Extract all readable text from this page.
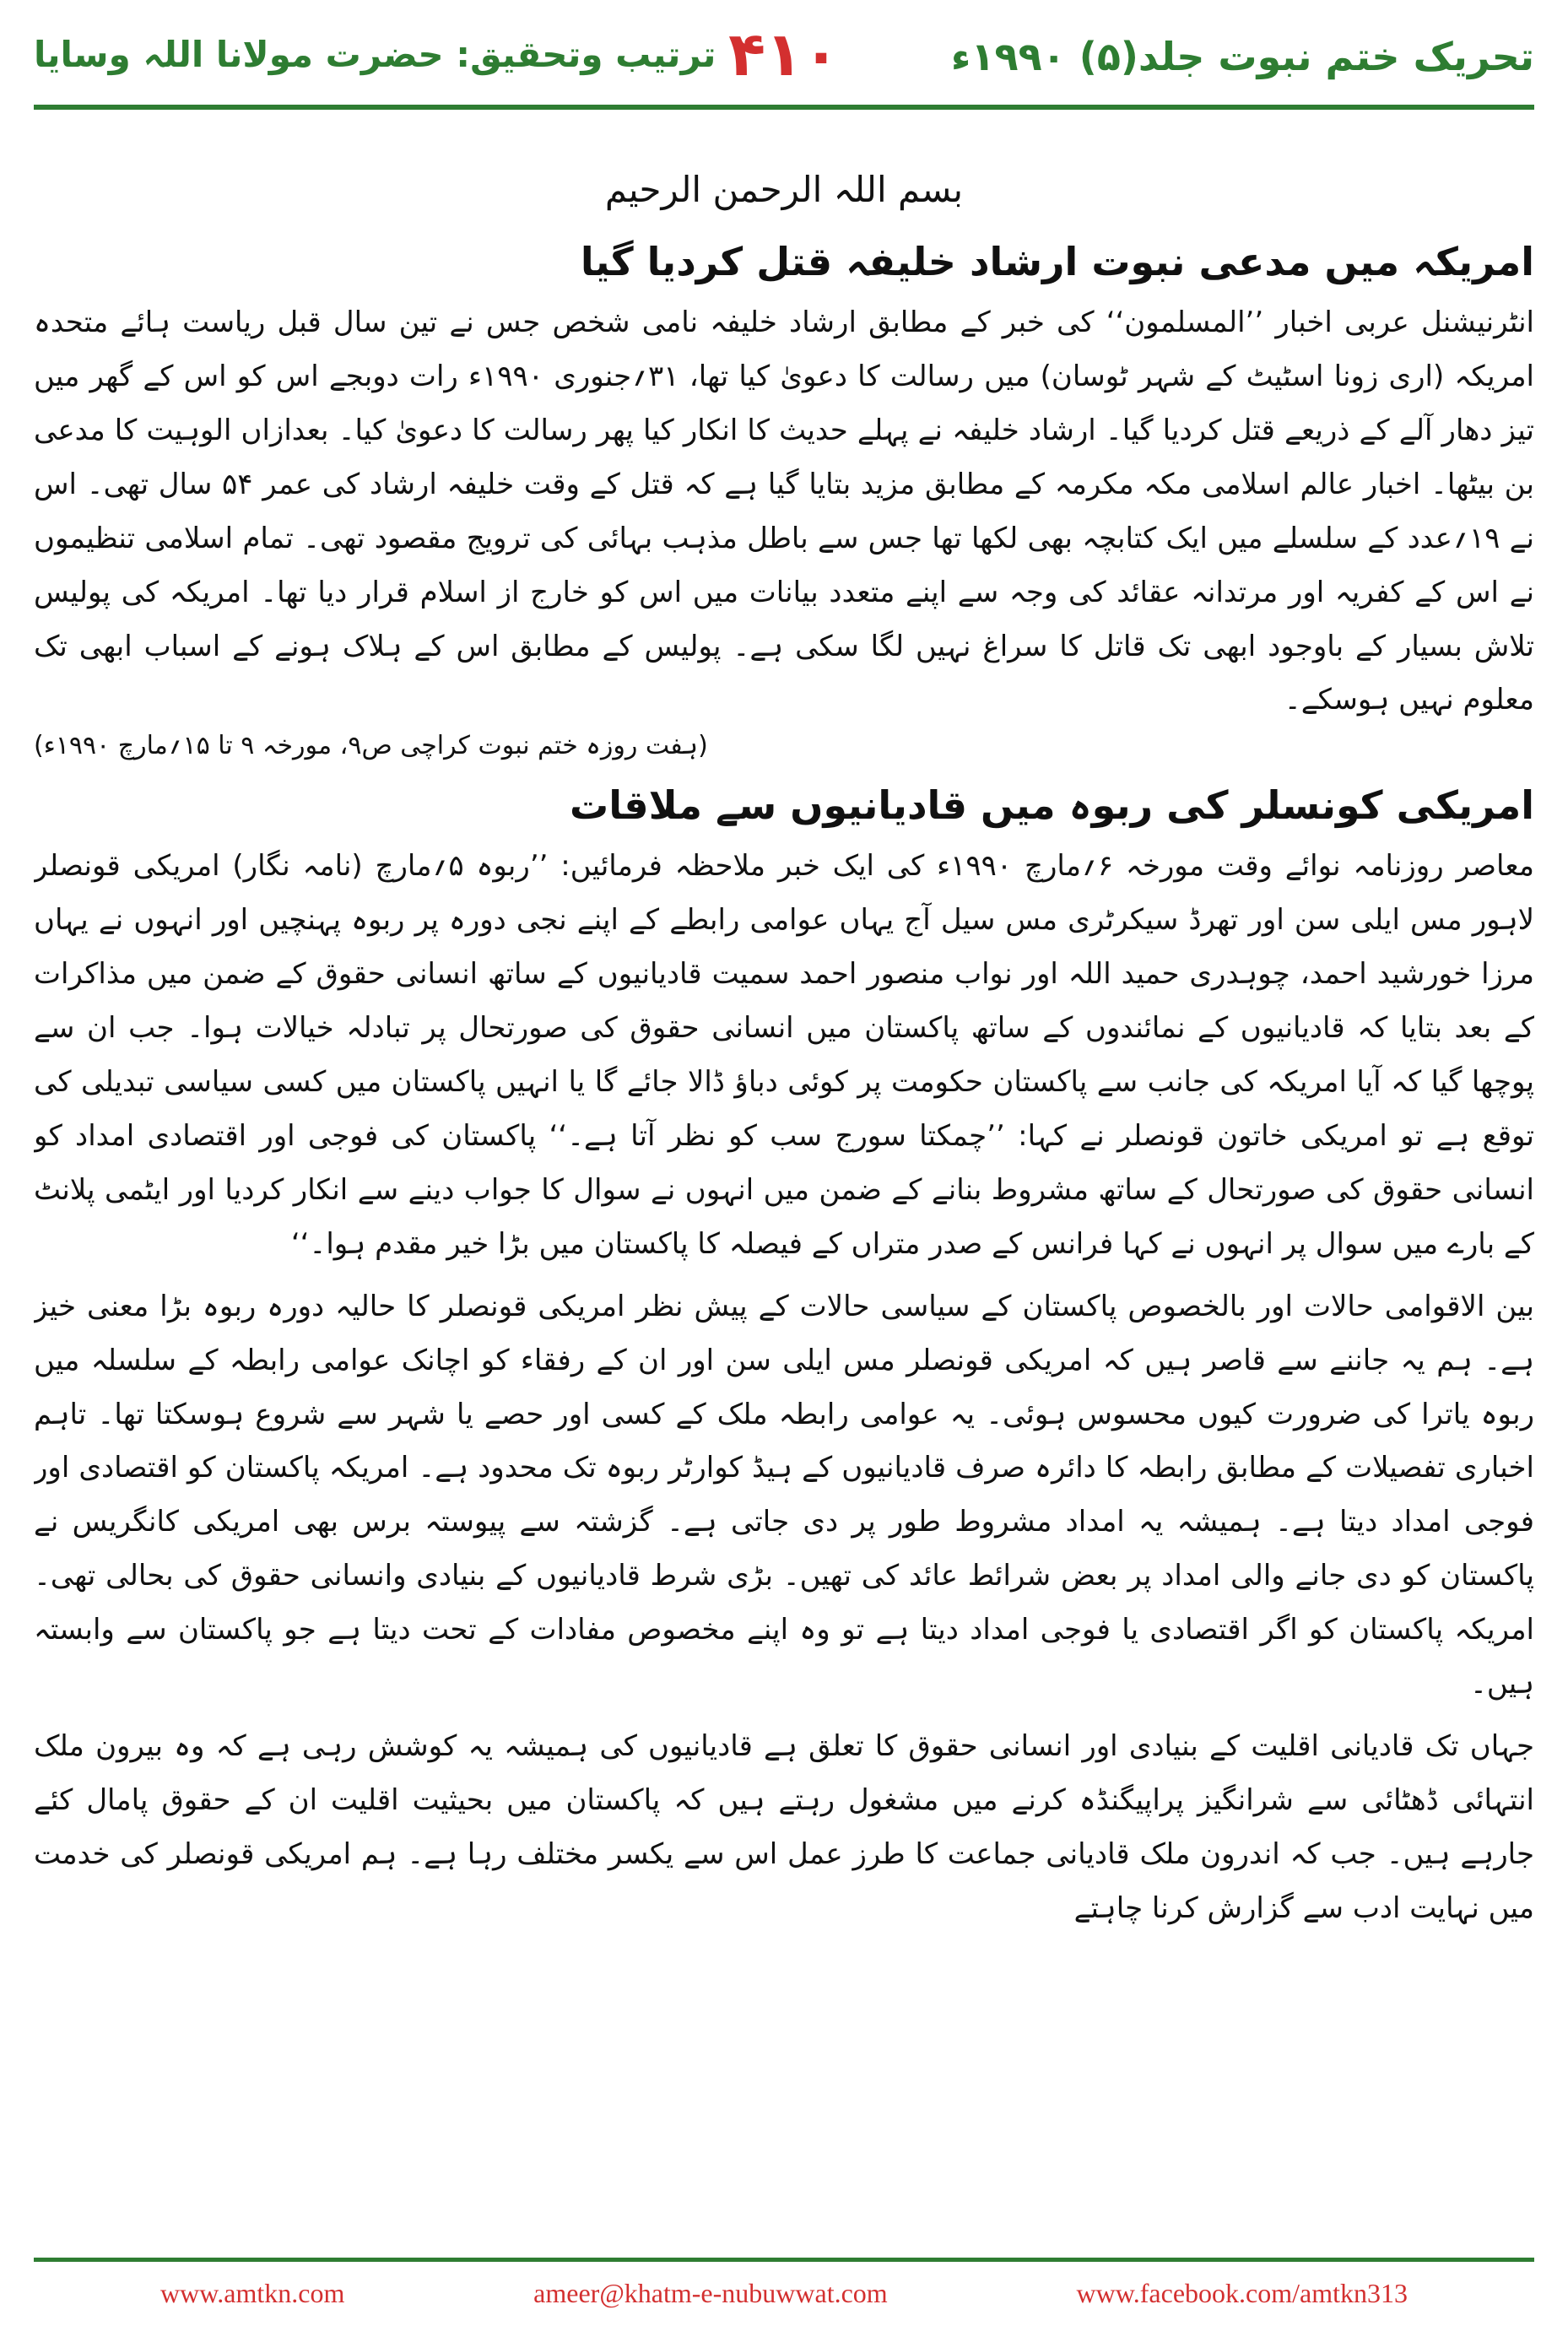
تحریک ختم نبوت جلد(۵) ۱۹۹۰ء
۴۱۰
ترتیب وتحقیق: حضرت مولانا اللہ وسایا
بسم اللہ الرحمن الرحیم
امریکہ میں مدعی نبوت ارشاد خلیفہ قتل کردیا گیا

انٹرنیشنل عربی اخبار ’’المسلمون‘‘ کی خبر کے مطابق ارشاد خلیفہ نامی شخص جس نے تین سال قبل ریاست ہائے متحدہ امریکہ (اری زونا اسٹیٹ کے شہر ٹوسان) میں رسالت کا دعویٰ کیا تھا، ۳۱؍جنوری ۱۹۹۰ء رات دوبجے اس کو اس کے گھر میں تیز دھار آلے کے ذریعے قتل کردیا گیا۔ ارشاد خلیفہ نے پہلے حدیث کا انکار کیا پھر رسالت کا دعویٰ کیا۔ بعدازاں الوہیت کا مدعی بن بیٹھا۔ اخبار عالم اسلامی مکہ مکرمہ کے مطابق مزید بتایا گیا ہے کہ قتل کے وقت خلیفہ ارشاد کی عمر ۵۴ سال تھی۔ اس نے ۱۹؍عدد کے سلسلے میں ایک کتابچہ بھی لکھا تھا جس سے باطل مذہب بہائی کی ترویج مقصود تھی۔ تمام اسلامی تنظیموں نے اس کے کفریہ اور مرتدانہ عقائد کی وجہ سے اپنے متعدد بیانات میں اس کو خارج از اسلام قرار دیا تھا۔ امریکہ کی پولیس تلاش بسیار کے باوجود ابھی تک قاتل کا سراغ نہیں لگا سکی ہے۔ پولیس کے مطابق اس کے ہلاک ہونے کے اسباب ابھی تک معلوم نہیں ہوسکے۔

(ہفت روزہ ختم نبوت کراچی ص۹، مورخہ ۹ تا ۱۵؍مارچ ۱۹۹۰ء)
امریکی کونسلر کی ربوہ میں قادیانیوں سے ملاقات

معاصر روزنامہ نوائے وقت مورخہ ۶؍مارچ ۱۹۹۰ء کی ایک خبر ملاحظہ فرمائیں: ’’ربوہ ۵؍مارچ (نامہ نگار) امریکی قونصلر لاہور مس ایلی سن اور تھرڈ سیکرٹری مس سیل آج یہاں عوامی رابطے کے اپنے نجی دورہ پر ربوہ پہنچیں اور انہوں نے یہاں مرزا خورشید احمد، چوہدری حمید اللہ اور نواب منصور احمد سمیت قادیانیوں کے ساتھ انسانی حقوق کے ضمن میں مذاکرات کے بعد بتایا کہ قادیانیوں کے نمائندوں کے ساتھ پاکستان میں انسانی حقوق کی صورتحال پر تبادلہ خیالات ہوا۔ جب ان سے پوچھا گیا کہ آیا امریکہ کی جانب سے پاکستان حکومت پر کوئی دباؤ ڈالا جائے گا یا انہیں پاکستان میں کسی سیاسی تبدیلی کی توقع ہے تو امریکی خاتون قونصلر نے کہا: ’’چمکتا سورج سب کو نظر آتا ہے۔‘‘ پاکستان کی فوجی اور اقتصادی امداد کو انسانی حقوق کی صورتحال کے ساتھ مشروط بنانے کے ضمن میں انہوں نے سوال کا جواب دینے سے انکار کردیا اور ایٹمی پلانٹ کے بارے میں سوال پر انہوں نے کہا فرانس کے صدر متراں کے فیصلہ کا پاکستان میں بڑا خیر مقدم ہوا۔‘‘

بین الاقوامی حالات اور بالخصوص پاکستان کے سیاسی حالات کے پیش نظر امریکی قونصلر کا حالیہ دورہ ربوہ بڑا معنی خیز ہے۔ ہم یہ جاننے سے قاصر ہیں کہ امریکی قونصلر مس ایلی سن اور ان کے رفقاء کو اچانک عوامی رابطہ کے سلسلہ میں ربوہ یاترا کی ضرورت کیوں محسوس ہوئی۔ یہ عوامی رابطہ ملک کے کسی اور حصے یا شہر سے شروع ہوسکتا تھا۔ تاہم اخباری تفصیلات کے مطابق رابطہ کا دائرہ صرف قادیانیوں کے ہیڈ کوارٹر ربوہ تک محدود ہے۔ امریکہ پاکستان کو اقتصادی اور فوجی امداد دیتا ہے۔ ہمیشہ یہ امداد مشروط طور پر دی جاتی ہے۔ گزشتہ سے پیوستہ برس بھی امریکی کانگریس نے پاکستان کو دی جانے والی امداد پر بعض شرائط عائد کی تھیں۔ بڑی شرط قادیانیوں کے بنیادی وانسانی حقوق کی بحالی تھی۔ امریکہ پاکستان کو اگر اقتصادی یا فوجی امداد دیتا ہے تو وہ اپنے مخصوص مفادات کے تحت دیتا ہے جو پاکستان سے وابستہ ہیں۔

جہاں تک قادیانی اقلیت کے بنیادی اور انسانی حقوق کا تعلق ہے قادیانیوں کی ہمیشہ یہ کوشش رہی ہے کہ وہ بیرون ملک انتہائی ڈھٹائی سے شرانگیز پراپیگنڈہ کرنے میں مشغول رہتے ہیں کہ پاکستان میں بحیثیت اقلیت ان کے حقوق پامال کئے جارہے ہیں۔ جب کہ اندرون ملک قادیانی جماعت کا طرز عمل اس سے یکسر مختلف رہا ہے۔ ہم امریکی قونصلر کی خدمت میں نہایت ادب سے گزارش کرنا چاہتے

www.amtkn.com	ameer@khatm-e-nubuwwat.com	www.facebook.com/amtkn313
